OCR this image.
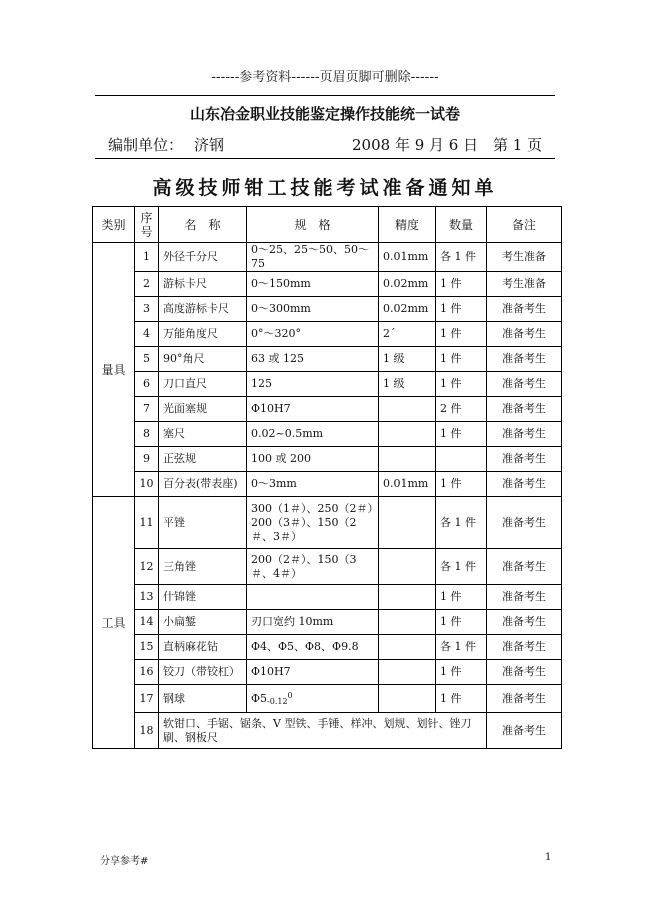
------参考资料------页眉页脚可删除------
山东冶金职业技能鉴定操作技能统一试卷
编制单位： 济钢	2008 年 9 月 6 日 第 1 页
高级技师钳工技能考试准备通知单
类别	序号	名　称	规　格	精度	数量	备注
量具	1	外径千分尺	0～25、25～50、50～75	0.01mm	各 1 件	考生准备
	2	游标卡尺	0～150mm	0.02mm	1 件	考生准备
	3	高度游标卡尺	0～300mm	0.02mm	1 件	准备考生
	4	万能角度尺	0°～320°	2´	1 件	准备考生
	5	90°角尺	63 或 125	1 级	1 件	准备考生
	6	刀口直尺	125	1 级	1 件	准备考生
	7	光面塞规	Φ10H7		2 件	准备考生
	8	塞尺	0.02~0.5mm		1 件	准备考生
	9	正弦规	100 或 200			准备考生
	10	百分表(带表座)	0～3mm	0.01mm	1 件	准备考生
工具	11	平锉	300（1＃）、250（2＃）200（3＃）、150（2＃、3＃）		各 1 件	准备考生
	12	三角锉	200（2＃）、150（3＃、4＃）		各 1 件	准备考生
	13	什锦锉			1 件	准备考生
	14	小扁錾	刃口宽约 10mm		1 件	准备考生
	15	直柄麻花钻	Φ4、Φ5、Φ8、Φ9.8		各 1 件	准备考生
	16	铰刀（带铰杠）	Φ10H7		1 件	准备考生
	17	钢球	$\Phi 5_{-0.12}^0$		1 件	准备考生
	18	软钳口、手锯、锯条、V 型铁、手锤、样冲、划规、划针、锉刀刷、钢板尺				准备考生
分享参考#	1
